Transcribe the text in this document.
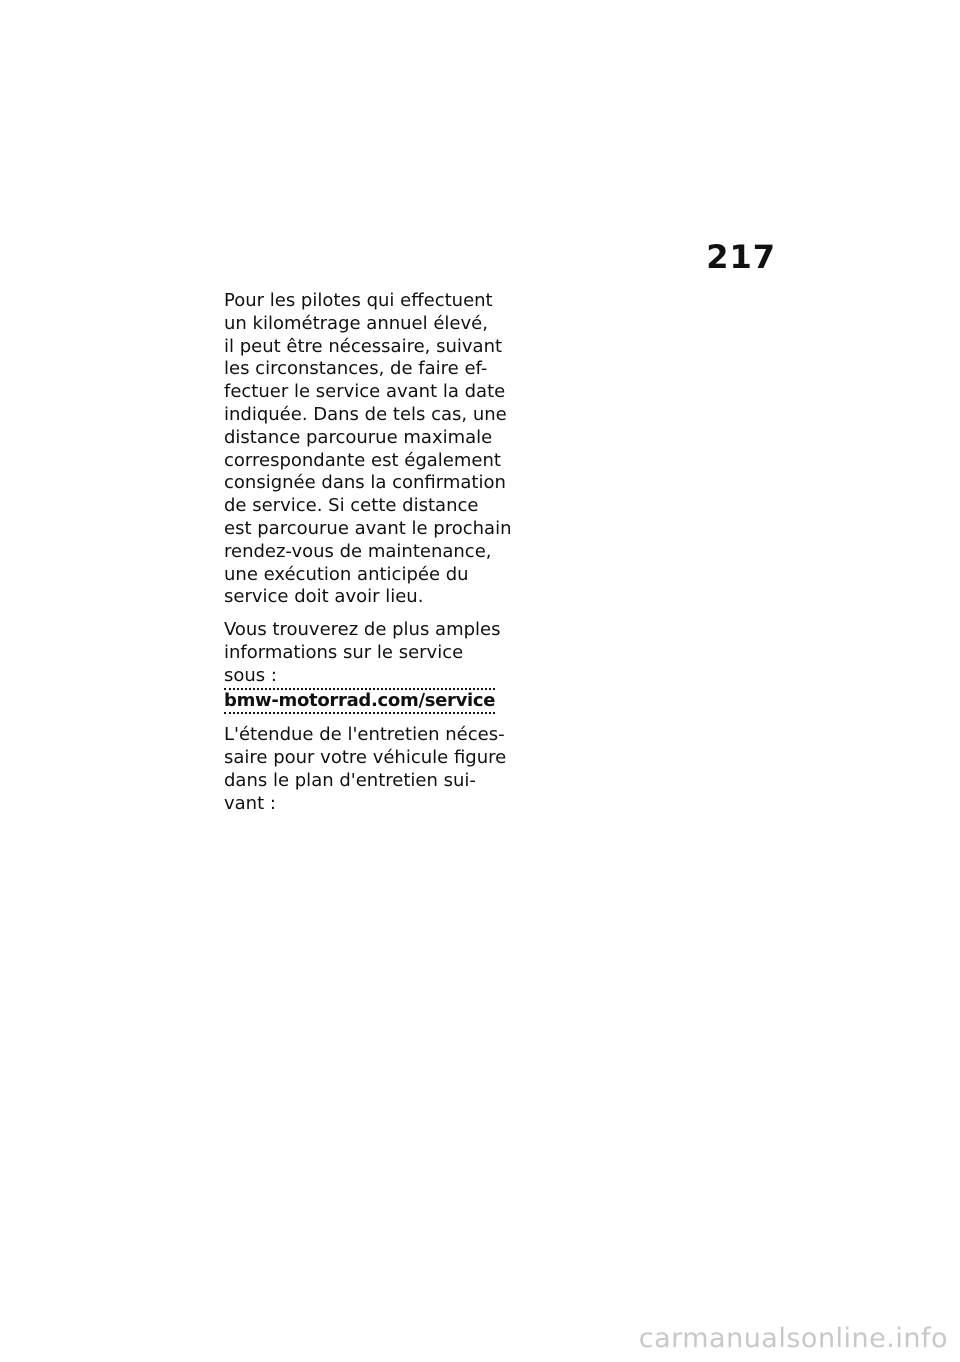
217
Pour les pilotes qui effectuent
un kilométrage annuel élevé,
il peut être nécessaire, suivant
les circonstances, de faire ef-
fectuer le service avant la date
indiquée. Dans de tels cas, une
distance parcourue maximale
correspondante est également
consignée dans la confirmation
de service. Si cette distance
est parcourue avant le prochain
rendez-vous de maintenance,
une exécution anticipée du
service doit avoir lieu.
Vous trouverez de plus amples
informations sur le service
sous :
bmw-motorrad.com/service
L'étendue de l'entretien néces-
saire pour votre véhicule figure
dans le plan d'entretien sui-
vant :
carmanualsonline.info
